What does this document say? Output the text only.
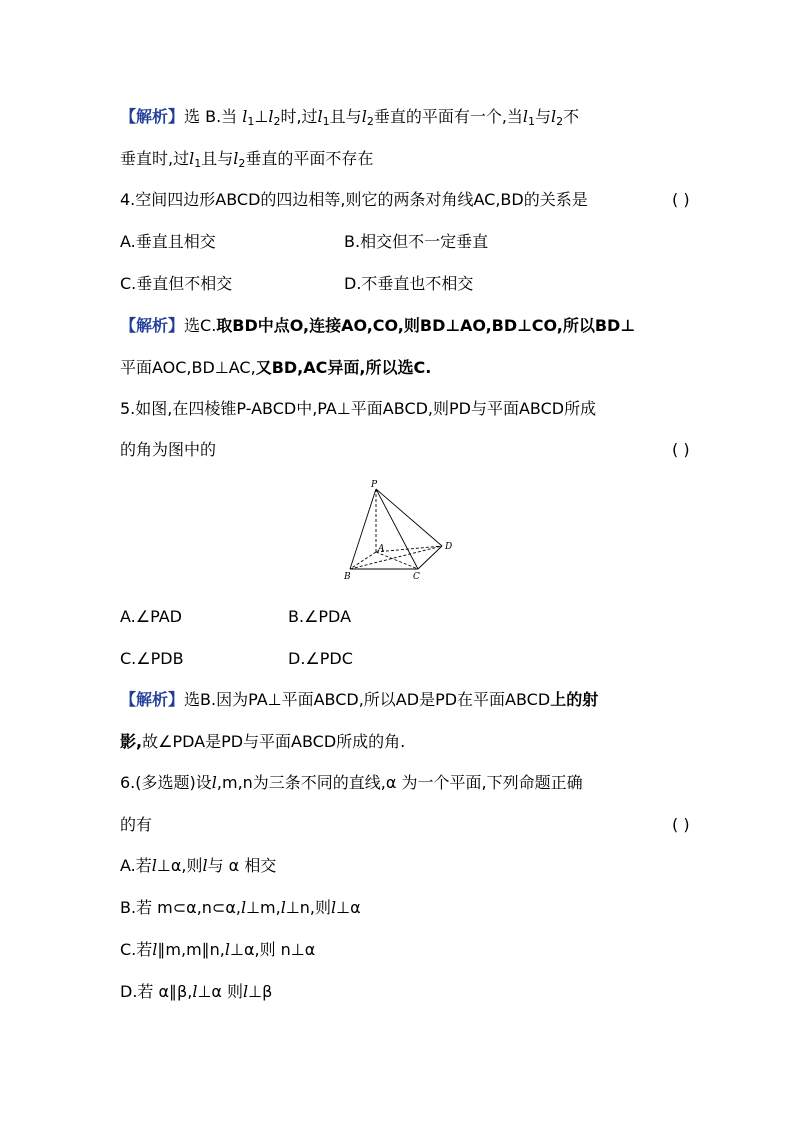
【解析】选 B.当 $l_1\perp l_2$时,过$l_1$且与$l_2$垂直的平面有一个,当$l_1$与$l_2$不
垂直时,过$l_1$且与$l_2$垂直的平面不存在
4.空间四边形ABCD的四边相等,则它的两条对角线AC,BD的关系是	( )
A.垂直且相交	B.相交但不一定垂直
C.垂直但不相交	D.不垂直也不相交
【解析】选C.取BD中点O,连接AO,CO,则BD⊥AO,BD⊥CO,所以BD⊥
平面AOC,BD⊥AC,又BD,AC异面,所以选C.
5.如图,在四棱锥P-ABCD中,PA⊥平面ABCD,则PD与平面ABCD所成
的角为图中的	( )
P
A
B	C
D
A.∠PAD	B.∠PDA
C.∠PDB	D.∠PDC
【解析】选B.因为PA⊥平面ABCD,所以AD是PD在平面ABCD上的射
影,故∠PDA是PD与平面ABCD所成的角.
6.(多选题)设l,m,n为三条不同的直线,α 为一个平面,下列命题正确
的有	( )
A.若l⊥α,则l与 α 相交
B.若 m⊂α,n⊂α,l⊥m,l⊥n,则l⊥α
C.若l∥m,m∥n,l⊥α,则 n⊥α
D.若 α∥β,l⊥α 则l⊥β
